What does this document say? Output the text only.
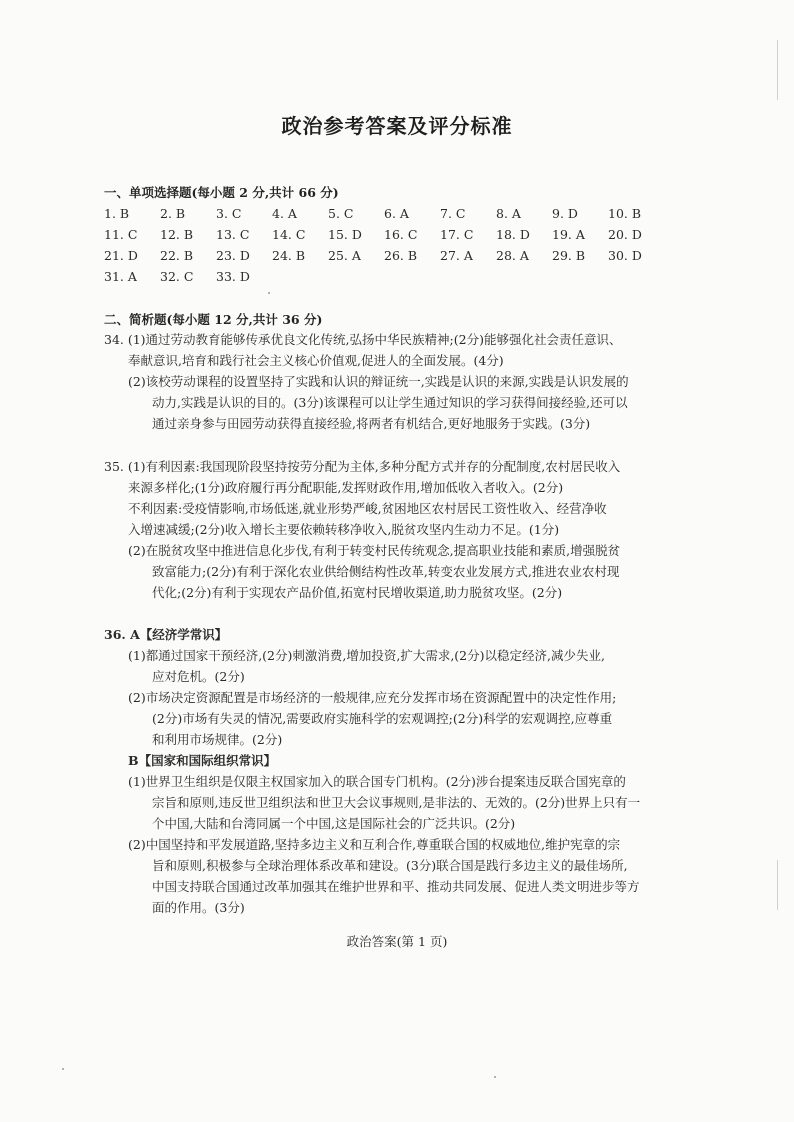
政治参考答案及评分标准
一、单项选择题(每小题 2 分,共计 66 分)
1. B	2. B	3. C	4. A	5. C	6. A	7. C	8. A	9. D	10. B
11. C	12. B	13. C	14. C	15. D	16. C	17. C	18. D	19. A	20. D
21. D	22. B	23. D	24. B	25. A	26. B	27. A	28. A	29. B	30. D
31. A	32. C	33. D
二、简析题(每小题 12 分,共计 36 分)
34. (1)通过劳动教育能够传承优良文化传统,弘扬中华民族精神;(2分)能够强化社会责任意识、
奉献意识,培育和践行社会主义核心价值观,促进人的全面发展。(4分)
(2)该校劳动课程的设置坚持了实践和认识的辩证统一,实践是认识的来源,实践是认识发展的
动力,实践是认识的目的。(3分)该课程可以让学生通过知识的学习获得间接经验,还可以
通过亲身参与田园劳动获得直接经验,将两者有机结合,更好地服务于实践。(3分)
35. (1)有利因素:我国现阶段坚持按劳分配为主体,多种分配方式并存的分配制度,农村居民收入
来源多样化;(1分)政府履行再分配职能,发挥财政作用,增加低收入者收入。(2分)
不利因素:受疫情影响,市场低迷,就业形势严峻,贫困地区农村居民工资性收入、经营净收
入增速减缓;(2分)收入增长主要依赖转移净收入,脱贫攻坚内生动力不足。(1分)
(2)在脱贫攻坚中推进信息化步伐,有利于转变村民传统观念,提高职业技能和素质,增强脱贫
致富能力;(2分)有利于深化农业供给侧结构性改革,转变农业发展方式,推进农业农村现
代化;(2分)有利于实现农产品价值,拓宽村民增收渠道,助力脱贫攻坚。(2分)
36. A【经济学常识】
(1)都通过国家干预经济,(2分)刺激消费,增加投资,扩大需求,(2分)以稳定经济,减少失业,
应对危机。(2分)
(2)市场决定资源配置是市场经济的一般规律,应充分发挥市场在资源配置中的决定性作用;
(2分)市场有失灵的情况,需要政府实施科学的宏观调控;(2分)科学的宏观调控,应尊重
和利用市场规律。(2分)
B【国家和国际组织常识】
(1)世界卫生组织是仅限主权国家加入的联合国专门机构。(2分)涉台提案违反联合国宪章的
宗旨和原则,违反世卫组织法和世卫大会议事规则,是非法的、无效的。(2分)世界上只有一
个中国,大陆和台湾同属一个中国,这是国际社会的广泛共识。(2分)
(2)中国坚持和平发展道路,坚持多边主义和互利合作,尊重联合国的权威地位,维护宪章的宗
旨和原则,积极参与全球治理体系改革和建设。(3分)联合国是践行多边主义的最佳场所,
中国支持联合国通过改革加强其在维护世界和平、推动共同发展、促进人类文明进步等方
面的作用。(3分)
政治答案(第 1 页)
